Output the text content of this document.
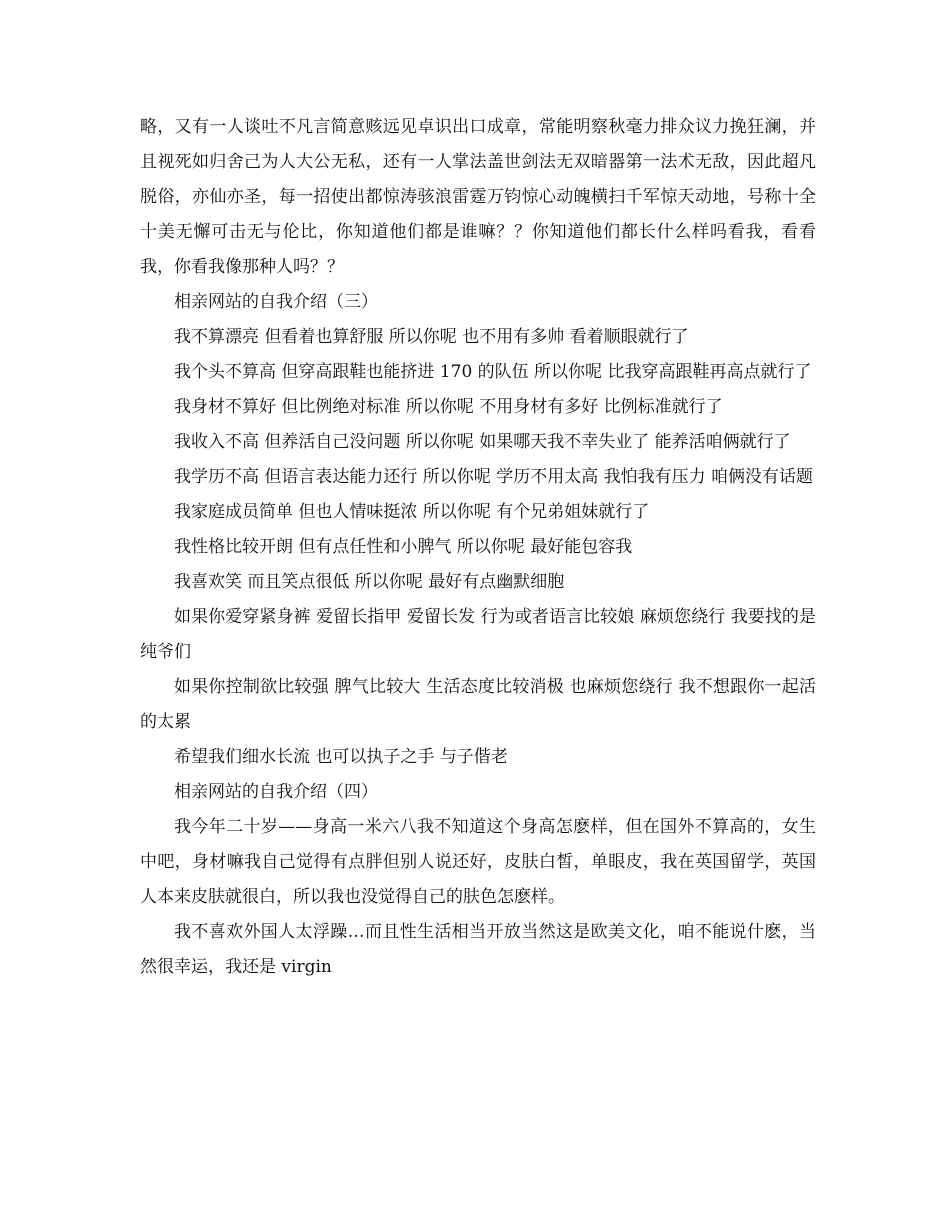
略，又有一人谈吐不凡言简意赅远见卓识出口成章，常能明察秋毫力排众议力挽狂澜，并且视死如归舍己为人大公无私，还有一人掌法盖世剑法无双暗器第一法术无敌，因此超凡脱俗，亦仙亦圣，每一招使出都惊涛骇浪雷霆万钧惊心动魄横扫千军惊天动地，号称十全十美无懈可击无与伦比，你知道他们都是谁嘛？？你知道他们都长什么样吗看我，看看我，你看我像那种人吗？？

相亲网站的自我介绍（三）

我不算漂亮 但看着也算舒服 所以你呢 也不用有多帅 看着顺眼就行了

我个头不算高 但穿高跟鞋也能挤进 170 的队伍 所以你呢 比我穿高跟鞋再高点就行了

我身材不算好 但比例绝对标准 所以你呢 不用身材有多好 比例标准就行了

我收入不高 但养活自己没问题 所以你呢 如果哪天我不幸失业了 能养活咱俩就行了

我学历不高 但语言表达能力还行 所以你呢 学历不用太高 我怕我有压力 咱俩没有话题

我家庭成员简单 但也人情味挺浓 所以你呢 有个兄弟姐妹就行了

我性格比较开朗 但有点任性和小脾气 所以你呢 最好能包容我

我喜欢笑 而且笑点很低 所以你呢 最好有点幽默细胞

如果你爱穿紧身裤 爱留长指甲 爱留长发 行为或者语言比较娘 麻烦您绕行 我要找的是纯爷们

如果你控制欲比较强 脾气比较大 生活态度比较消极 也麻烦您绕行 我不想跟你一起活的太累

希望我们细水长流 也可以执子之手 与子偕老

相亲网站的自我介绍（四）

我今年二十岁——身高一米六八我不知道这个身高怎麽样，但在国外不算高的，女生中吧，身材嘛我自己觉得有点胖但别人说还好，皮肤白皙，单眼皮，我在英国留学，英国人本来皮肤就很白，所以我也没觉得自己的肤色怎麽样。

我不喜欢外国人太浮躁…而且性生活相当开放当然这是欧美文化，咱不能说什麽，当然很幸运，我还是 virgin
